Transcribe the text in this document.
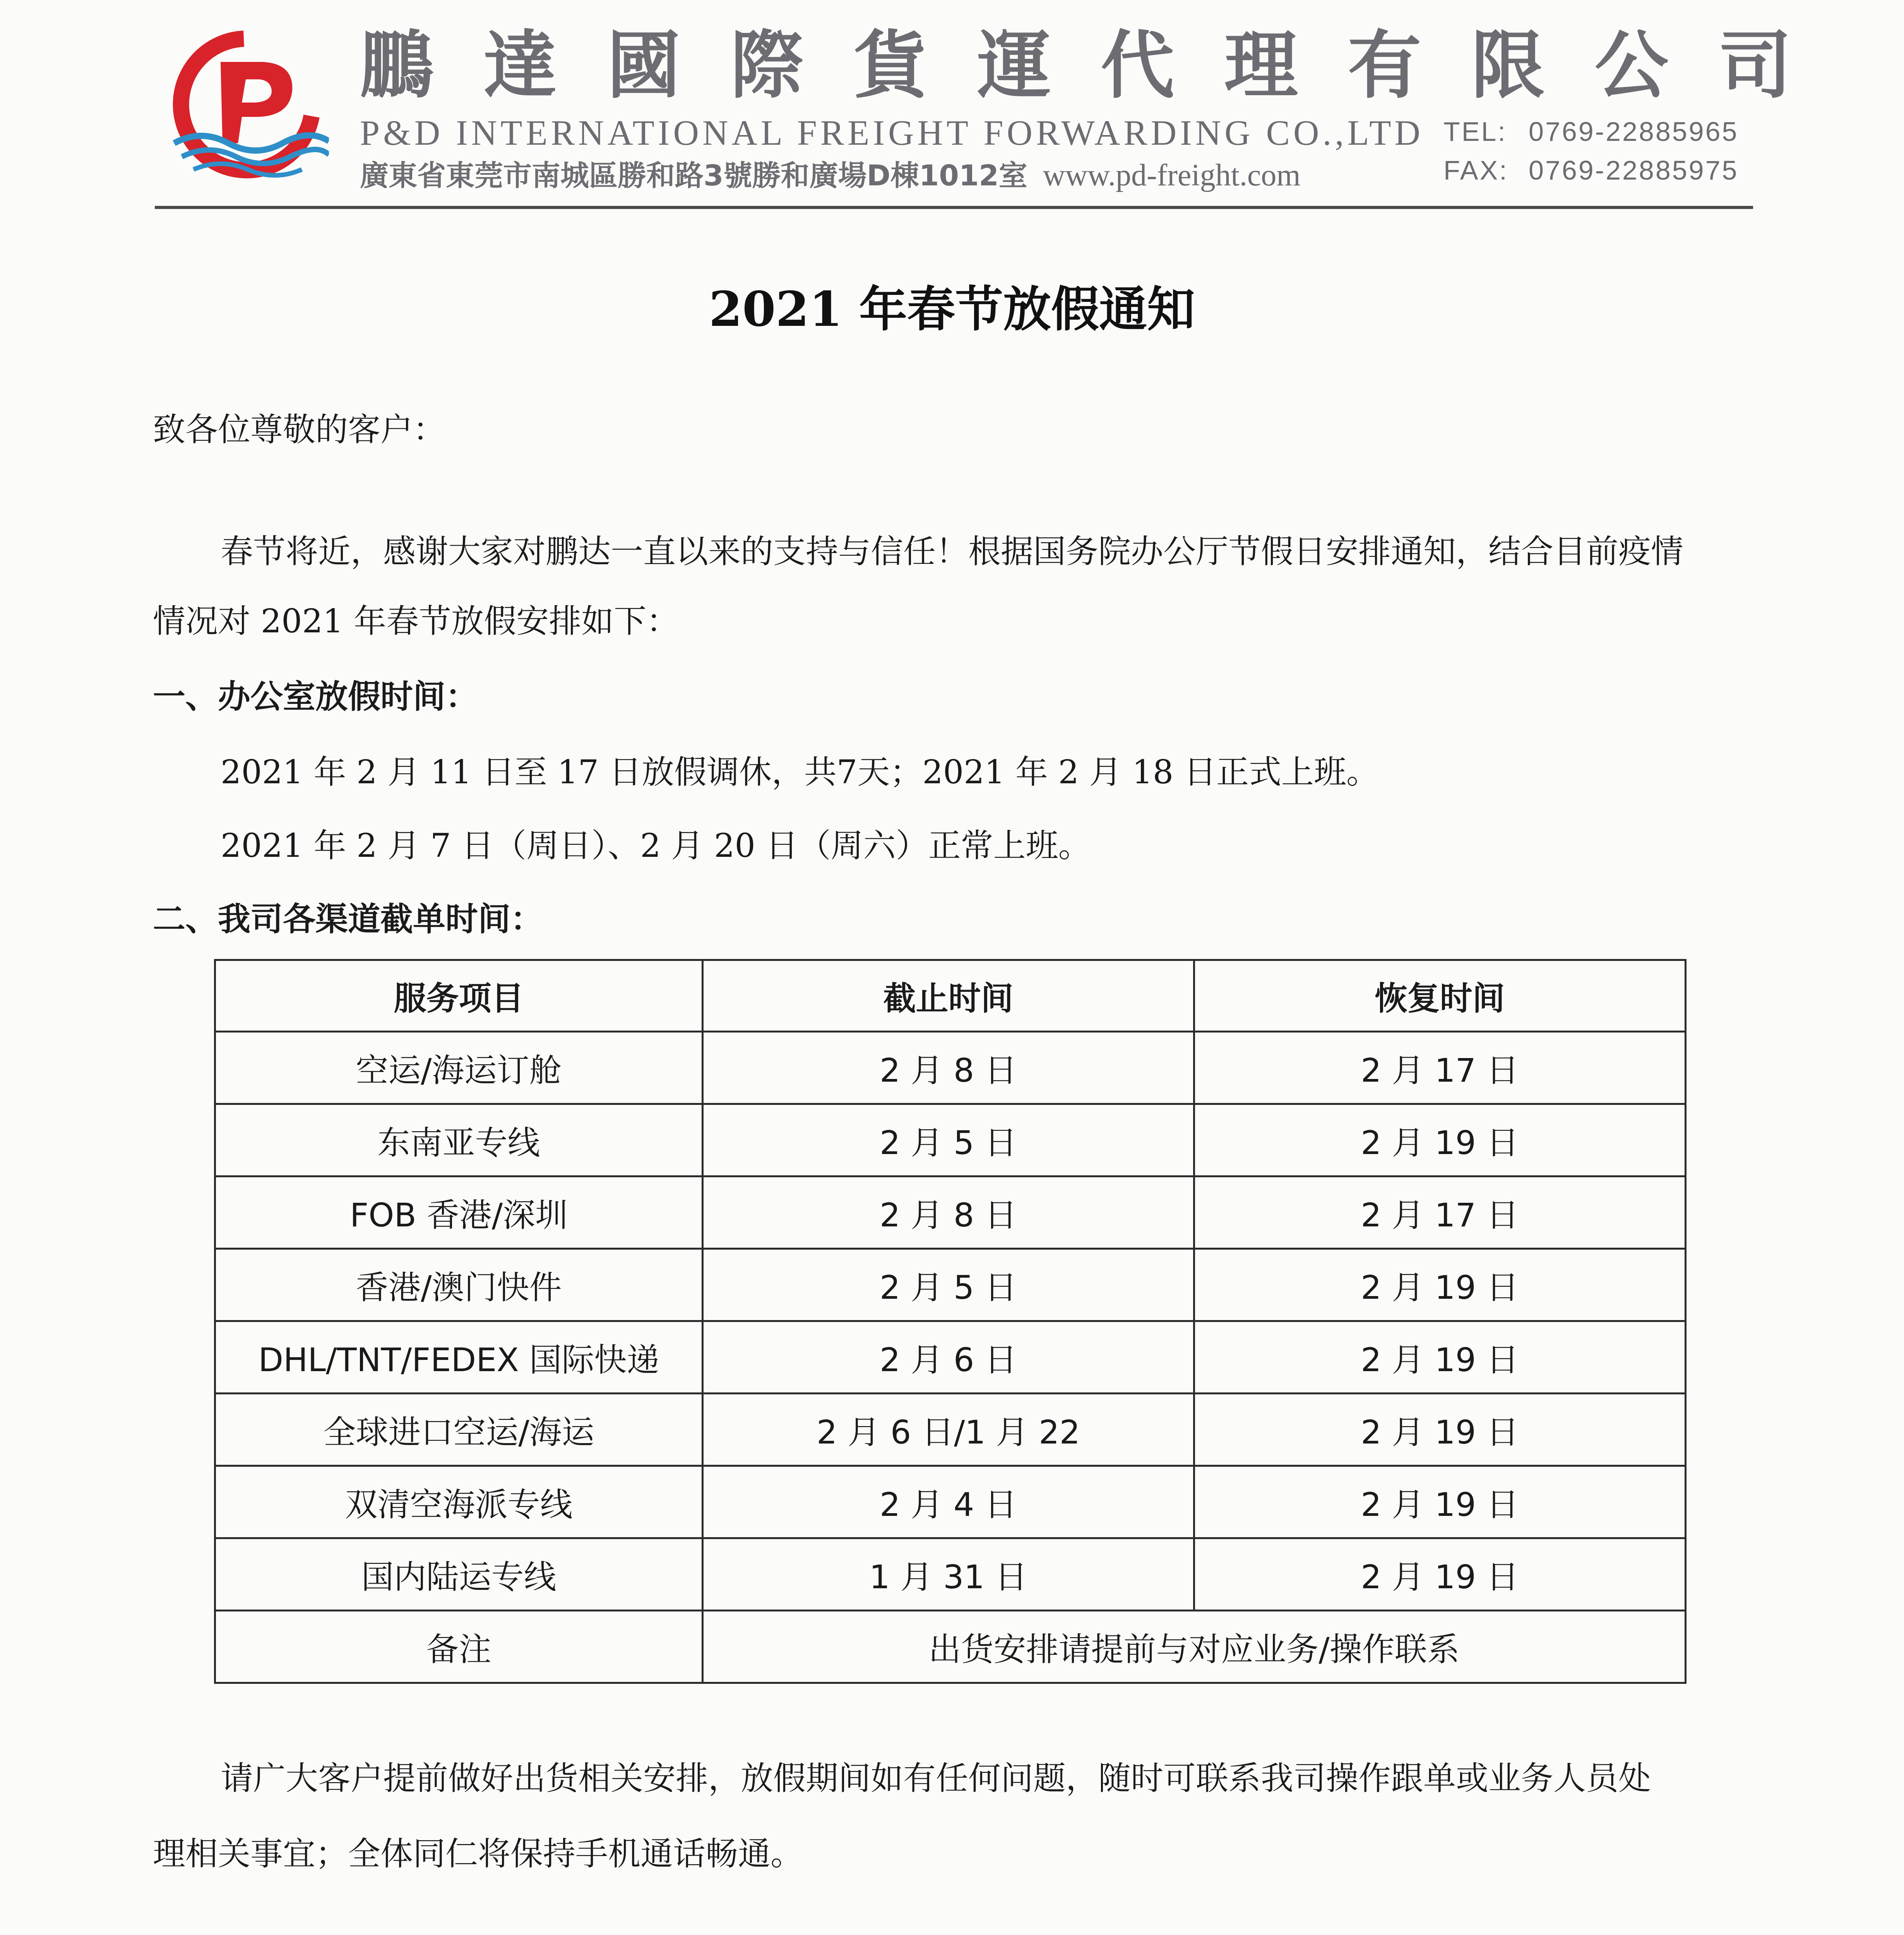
鵬 達 國 際 貨 運 代 理 有 限 公 司
P&D INTERNATIONAL FREIGHT FORWARDING CO.,LTD
廣東省東莞市南城區勝和路3號勝和廣場D棟1012室 www.pd-freight.com
TEL: 0769-22885965
FAX: 0769-22885975
2021 年春节放假通知
致各位尊敬的客户：
春节将近，感谢大家对鹏达一直以来的支持与信任！根据国务院办公厅节假日安排通知，结合目前疫情
情况对 2021 年春节放假安排如下：
一、办公室放假时间：
2021 年 2 月 11 日至 17 日放假调休，共7天；2021 年 2 月 18 日正式上班。
2021 年 2 月 7 日（周日）、2 月 20 日（周六）正常上班。
二、我司各渠道截单时间：
服务项目	截止时间	恢复时间
空运/海运订舱	2 月 8 日	2 月 17 日
东南亚专线	2 月 5 日	2 月 19 日
FOB 香港/深圳	2 月 8 日	2 月 17 日
香港/澳门快件	2 月 5 日	2 月 19 日
DHL/TNT/FEDEX 国际快递	2 月 6 日	2 月 19 日
全球进口空运/海运	2 月 6 日/1 月 22	2 月 19 日
双清空海派专线	2 月 4 日	2 月 19 日
国内陆运专线	1 月 31 日	2 月 19 日
备注	出货安排请提前与对应业务/操作联系	
请广大客户提前做好出货相关安排，放假期间如有任何问题，随时可联系我司操作跟单或业务人员处
理相关事宜；全体同仁将保持手机通话畅通。
